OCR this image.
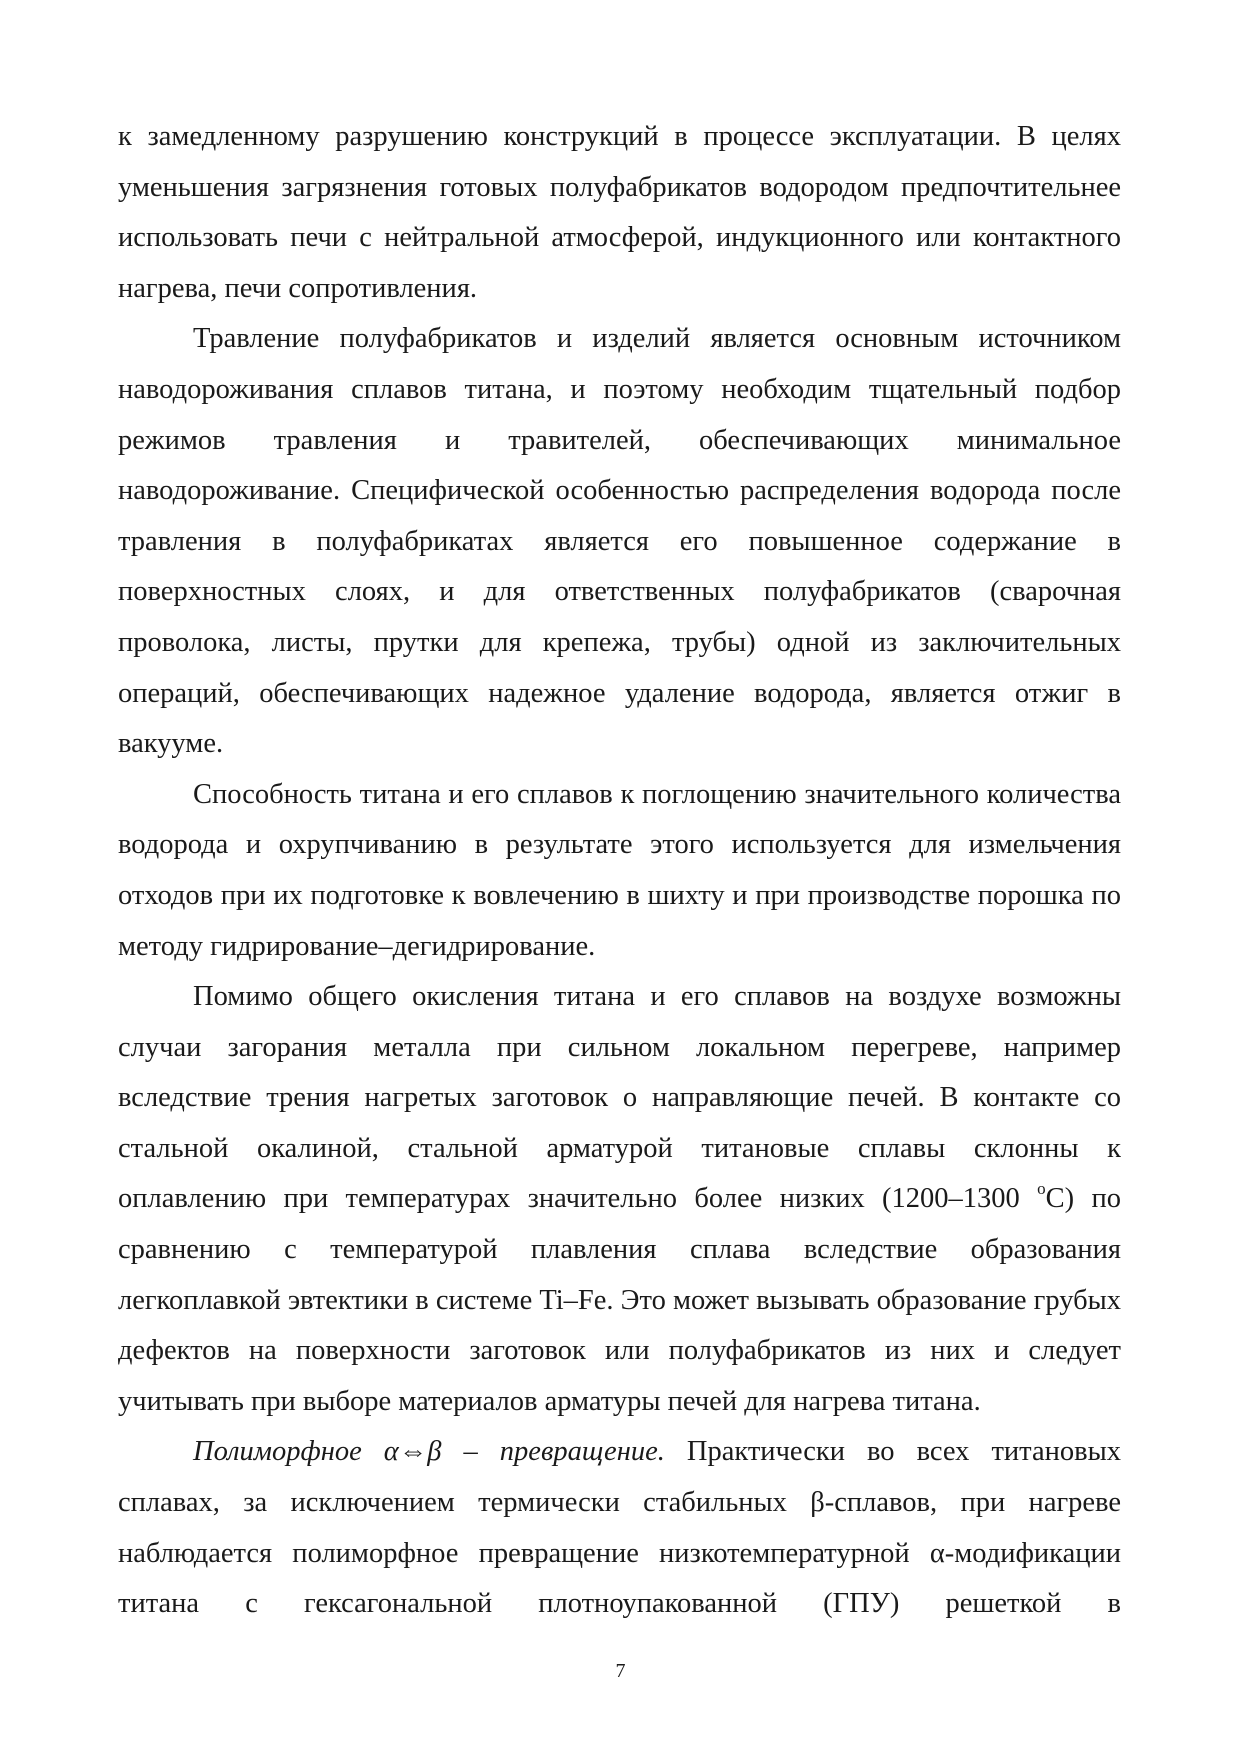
к замедленному разрушению конструкций в процессе эксплуатации. В целях уменьшения загрязнения готовых полуфабрикатов водородом предпочтительнее использовать печи с нейтральной атмосферой, индукционного или контактного нагрева, печи сопротивления.

Травление полуфабрикатов и изделий является основным источником наводороживания сплавов титана, и поэтому необходим тщательный подбор режимов травления и травителей, обеспечивающих минимальное наводороживание. Специфической особенностью распределения водорода после травления в полуфабрикатах является его повышенное содержание в поверхностных слоях, и для ответственных полуфабрикатов (сварочная проволока, листы, прутки для крепежа, трубы) одной из заключительных операций, обеспечивающих надежное удаление водорода, является отжиг в вакууме.

Способность титана и его сплавов к поглощению значительного количества водорода и охрупчиванию в результате этого используется для измельчения отходов при их подготовке к вовлечению в шихту и при производстве порошка по методу гидрирование–дегидрирование.

Помимо общего окисления титана и его сплавов на воздухе возможны случаи загорания металла при сильном локальном перегреве, например вследствие трения нагретых заготовок о направляющие печей. В контакте со стальной окалиной, стальной арматурой титановые сплавы склонны к оплавлению при температурах значительно более низких (1200–1300 $^o$С) по сравнению с температурой плавления сплава вследствие образования легкоплавкой эвтектики в системе Ti–Fe. Это может вызывать образование грубых дефектов на поверхности заготовок или полуфабрикатов из них и следует учитывать при выборе материалов арматуры печей для нагрева титана.

Полиморфное α⇔β – превращение. Практически во всех титановых сплавах, за исключением термически стабильных β-сплавов, при нагреве наблюдается полиморфное превращение низкотемпературной α-модификации титана с гексагональной плотноупакованной (ГПУ) решеткой в

7
